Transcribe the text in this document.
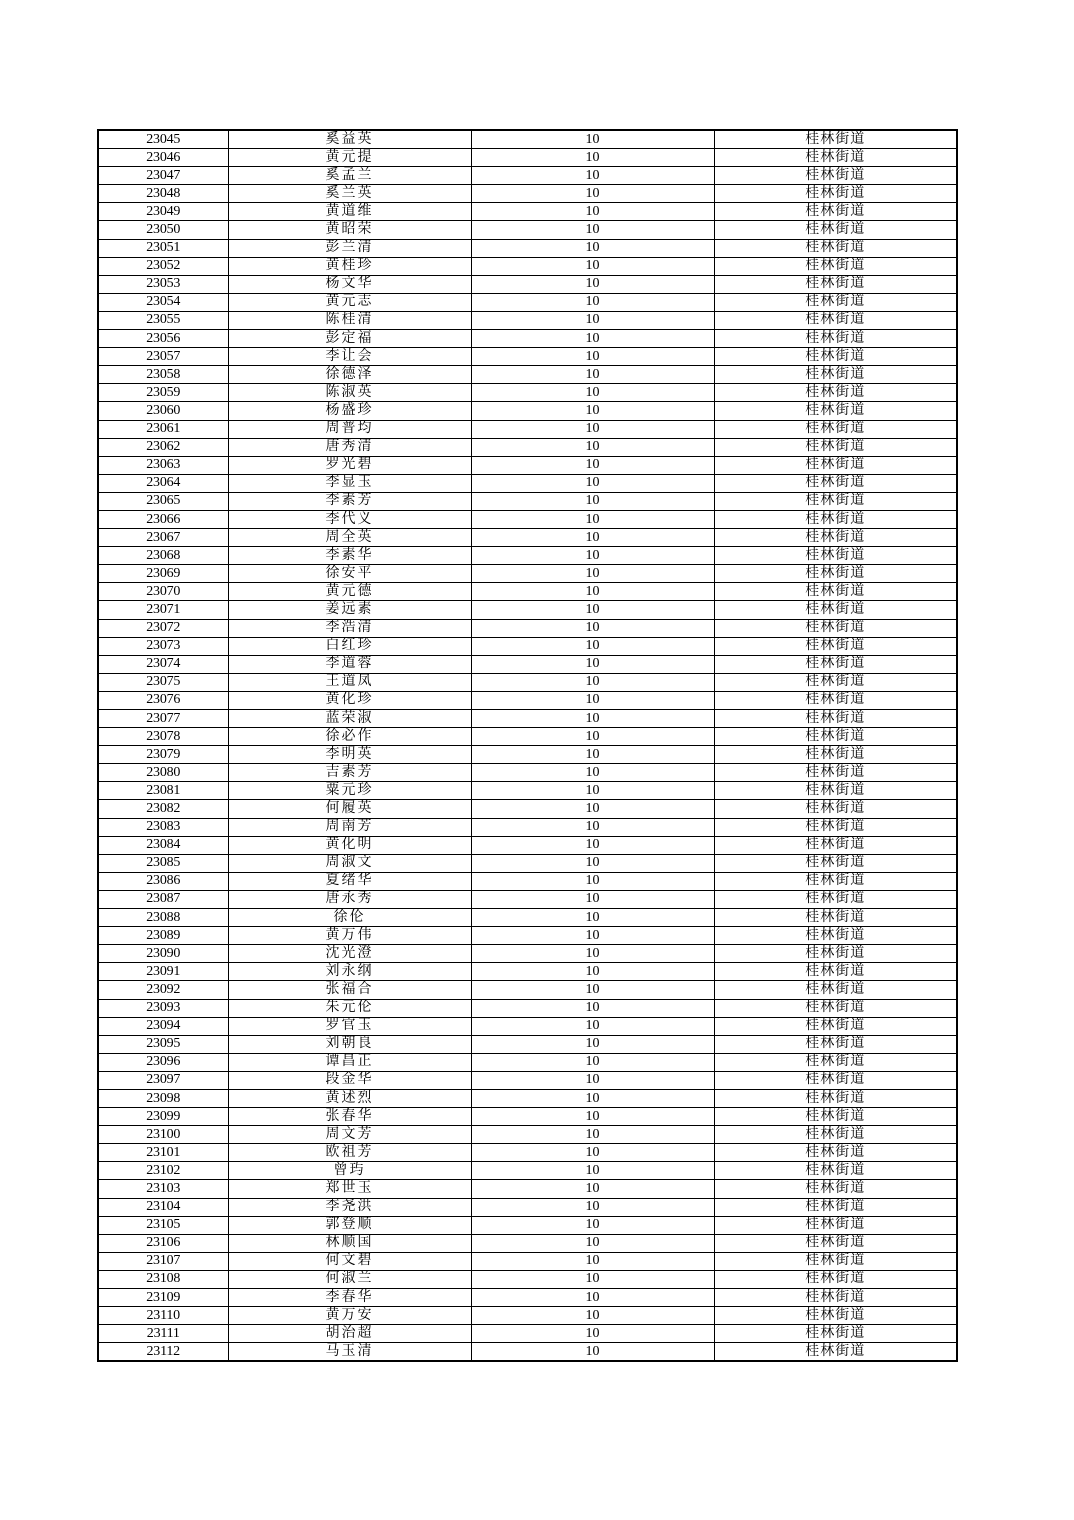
23045	奚益英	10	桂林街道
23046	黄元提	10	桂林街道
23047	奚孟兰	10	桂林街道
23048	奚兰英	10	桂林街道
23049	黄道维	10	桂林街道
23050	黄昭荣	10	桂林街道
23051	彭兰清	10	桂林街道
23052	黄桂珍	10	桂林街道
23053	杨文华	10	桂林街道
23054	黄元志	10	桂林街道
23055	陈桂清	10	桂林街道
23056	彭定福	10	桂林街道
23057	李让会	10	桂林街道
23058	徐德泽	10	桂林街道
23059	陈淑英	10	桂林街道
23060	杨盛珍	10	桂林街道
23061	周普均	10	桂林街道
23062	唐秀清	10	桂林街道
23063	罗光碧	10	桂林街道
23064	李显玉	10	桂林街道
23065	李素芳	10	桂林街道
23066	李代义	10	桂林街道
23067	周全英	10	桂林街道
23068	李素华	10	桂林街道
23069	徐安平	10	桂林街道
23070	黄元德	10	桂林街道
23071	姜远素	10	桂林街道
23072	李浩清	10	桂林街道
23073	白红珍	10	桂林街道
23074	李道蓉	10	桂林街道
23075	王道凤	10	桂林街道
23076	黄化珍	10	桂林街道
23077	蓝荣淑	10	桂林街道
23078	徐必作	10	桂林街道
23079	李明英	10	桂林街道
23080	吉素芳	10	桂林街道
23081	粟元珍	10	桂林街道
23082	何履英	10	桂林街道
23083	周南芳	10	桂林街道
23084	黄化明	10	桂林街道
23085	周淑文	10	桂林街道
23086	夏绪华	10	桂林街道
23087	唐永秀	10	桂林街道
23088	徐伦	10	桂林街道
23089	黄万伟	10	桂林街道
23090	沈光澄	10	桂林街道
23091	刘永纲	10	桂林街道
23092	张福合	10	桂林街道
23093	朱元伦	10	桂林街道
23094	罗官玉	10	桂林街道
23095	刘朝良	10	桂林街道
23096	谭昌正	10	桂林街道
23097	段金华	10	桂林街道
23098	黄述烈	10	桂林街道
23099	张春华	10	桂林街道
23100	周文芳	10	桂林街道
23101	欧祖芳	10	桂林街道
23102	曾玙	10	桂林街道
23103	郑世玉	10	桂林街道
23104	李尧洪	10	桂林街道
23105	郭登顺	10	桂林街道
23106	林顺国	10	桂林街道
23107	何文碧	10	桂林街道
23108	何淑兰	10	桂林街道
23109	李春华	10	桂林街道
23110	黄万安	10	桂林街道
23111	胡治超	10	桂林街道
23112	马玉清	10	桂林街道
